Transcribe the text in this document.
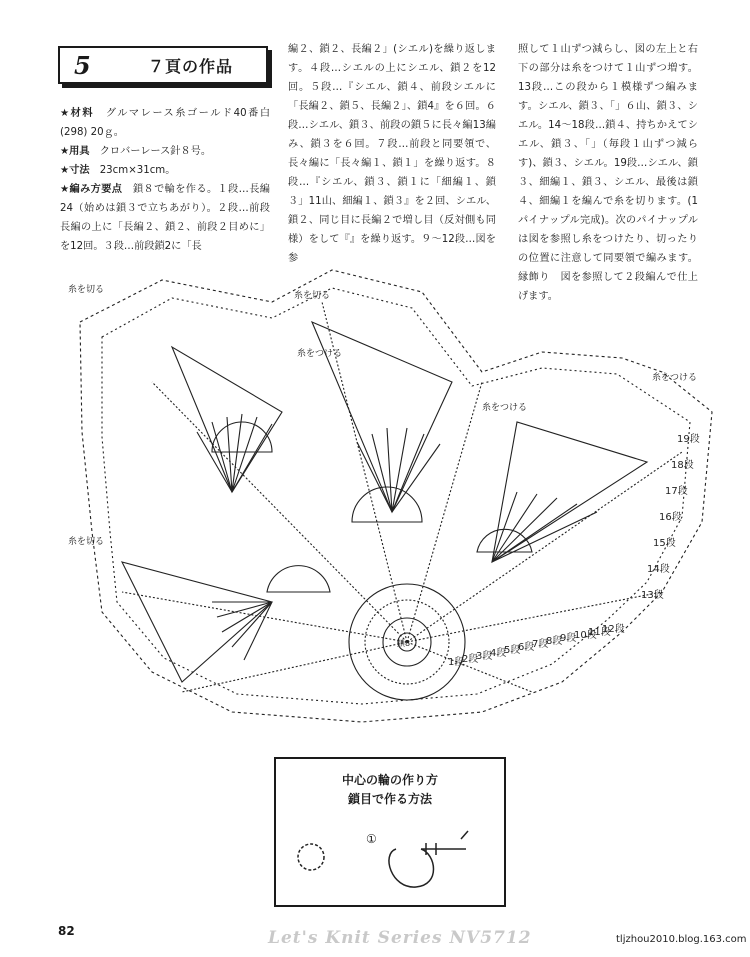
5	７頁の作品

★材料　 グルマレース糸ゴールド40番白(298) 20ｇ。

★用具　 クロバーレース針８号。

★寸法　 23cm×31cm。

★編み方要点　 鎖８で輪を作る。１段…長編24（始めは鎖３で立ちあがり）。２段…前段長編の上に「長編２、鎖２、前段２目めに」を12回。３段…前段鎖2に「長

編２、鎖２、長編２」(シエル)を繰り返します。４段…シエルの上にシエル、鎖２を12回。５段…『シエル、鎖４、前段シエルに「長編２、鎖５、長編２」、鎖4』を６回。６段…シエル、鎖３、前段の鎖５に長々編13編み、鎖３を６回。７段…前段と同要領で、長々編に「長々編１、鎖１」を繰り返す。８段…『シエル、鎖３、鎖１に「細編１、鎖３」11山、細編１、鎖３』を２回、シエル、鎖２、同じ目に長編２で増し目（反対側も同様）をして『』を繰り返す。９〜12段…図を参

照して１山ずつ減らし、図の左上と右下の部分は糸をつけて１山ずつ増す。13段…この段から１模様ずつ編みます。シエル、鎖３、「」６山、鎖３、シエル。14〜18段…鎖４、持ちかえてシエル、鎖３、「」（毎段１山ずつ減らす)、鎖３、シエル。19段…シエル、鎖３、細編１、鎖３、シエル、最後は鎖４、細編１を編んで糸を切ります。(1パイナップル完成)。次のパイナップルは図を参照し糸をつけたり、切ったりの位置に注意して同要領で編みます。縁飾り　図を参照して２段編んで仕上げます。

糸を切る
糸を切る
糸を切る
糸をつける
糸をつける
糸をつける
鎖8
19段
18段
17段
16段
15段
14段
13段
12段
11段
10段
9段
8段
7段
6段
5段
4段
3段
2段
1段
中心の輪の作り方
鎖目で作る方法
①
82	Let's Knit Series NV5712	tljzhou2010.blog.163.com
